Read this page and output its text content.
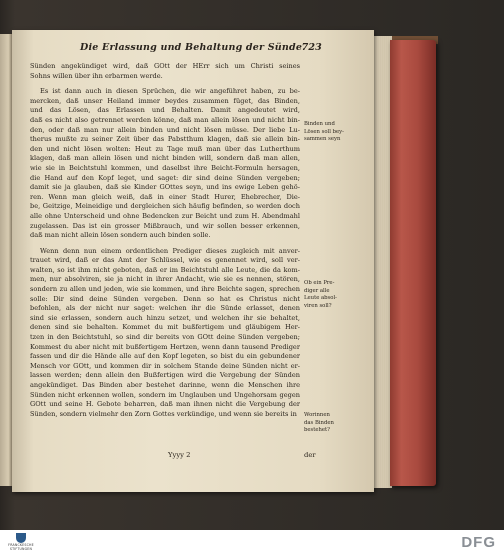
Die Erlassung und Behaltung der Sünde.
723
Sünden angekündiget wird, daß GOtt der HErr sich um Christi seines
Sohns willen über ihn erbarmen werde.
Es ist dann auch in diesen Sprüchen, die wir angeführet haben, zu be-
mercken, daß unser Heiland immer beydes zusammen füget, das Binden,
und das Lösen, das Erlassen und Behalten. Damit angedeutet wird,
daß es nicht also getrennet werden könne, daß man allein lösen und nicht bin-
den, oder daß man nur allein binden und nicht lösen müsse. Der liebe Lu-
therus mußte zu seiner Zeit über das Pabstthum klagen, daß sie allein bin-
den und nicht lösen wolten: Heut zu Tage muß man über das Lutherthum
klagen, daß man allein lösen und nicht binden will, sondern daß man allen,
wie sie in Beichtstuhl kommen, und daselbst ihre Beicht-Formuln hersagen,
die Hand auf den Kopf leget, und saget: dir sind deine Sünden vergeben;
damit sie ja glauben, daß sie Kinder GOttes seyn, und ins ewige Leben gehö-
ren. Wenn man gleich weiß, daß in einer Stadt Hurer, Ehebrecher, Die-
be, Geitzige, Meineidige und dergleichen sich häufig befinden, so werden doch
alle ohne Unterscheid und ohne Bedencken zur Beicht und zum H. Abendmahl
zugelassen. Das ist ein grosser Mißbrauch, und wir sollen besser erkennen,
daß man nicht allein lösen sondern auch binden solle.
Wenn denn nun einem ordentlichen Prediger dieses zugleich mit anver-
trauet wird, daß er das Amt der Schlüssel, wie es genennet wird, soll ver-
walten, so ist ihm nicht geboten, daß er im Beichtstuhl alle Leute, die da kom-
men, nur absolviren, sie ja nicht in ihrer Andacht, wie sie es nennen, stören,
sondern zu allen und jeden, wie sie kommen, und ihre Beichte sagen, sprechen
solle: Dir sind deine Sünden vergeben. Denn so hat es Christus nicht
befohlen, als der nicht nur saget: welchen ihr die Sünde erlasset, denen
sind sie erlassen, sondern auch hinzu setzet, und welchen ihr sie behaltet,
denen sind sie behalten. Kommet du mit bußfertigem und gläubigem Her-
tzen in den Beichtstuhl, so sind dir bereits von GOtt deine Sünden vergeben;
Kommest du aber nicht mit bußfertigem Hertzen, wenn dann tausend Prediger
fassen und dir die Hände alle auf den Kopf legeten, so bist du ein gebundener
Mensch vor GOtt, und kommen dir in solchem Stande deine Sünden nicht er-
lassen werden; denn allein den Bußfertigen wird die Vergebung der Sünden
angekündiget. Das Binden aber bestehet darinne, wenn die Menschen ihre
Sünden nicht erkennen wollen, sondern im Unglauben und Ungehorsam gegen
GOtt und seine H. Gebote beharren, daß man ihnen nicht die Vergebung der
Sünden, sondern vielmehr den Zorn Gottes verkündige, und wenn sie bereits in
Binden und
Lösen soll bey-
sammen seyn
Ob ein Pre-
diger alle
Leute absol-
viren soll?
Worinnen
das Binden
bestehet?
Yyyy 2	der
FRANCKESCHE
STIFTUNGEN	DFG
